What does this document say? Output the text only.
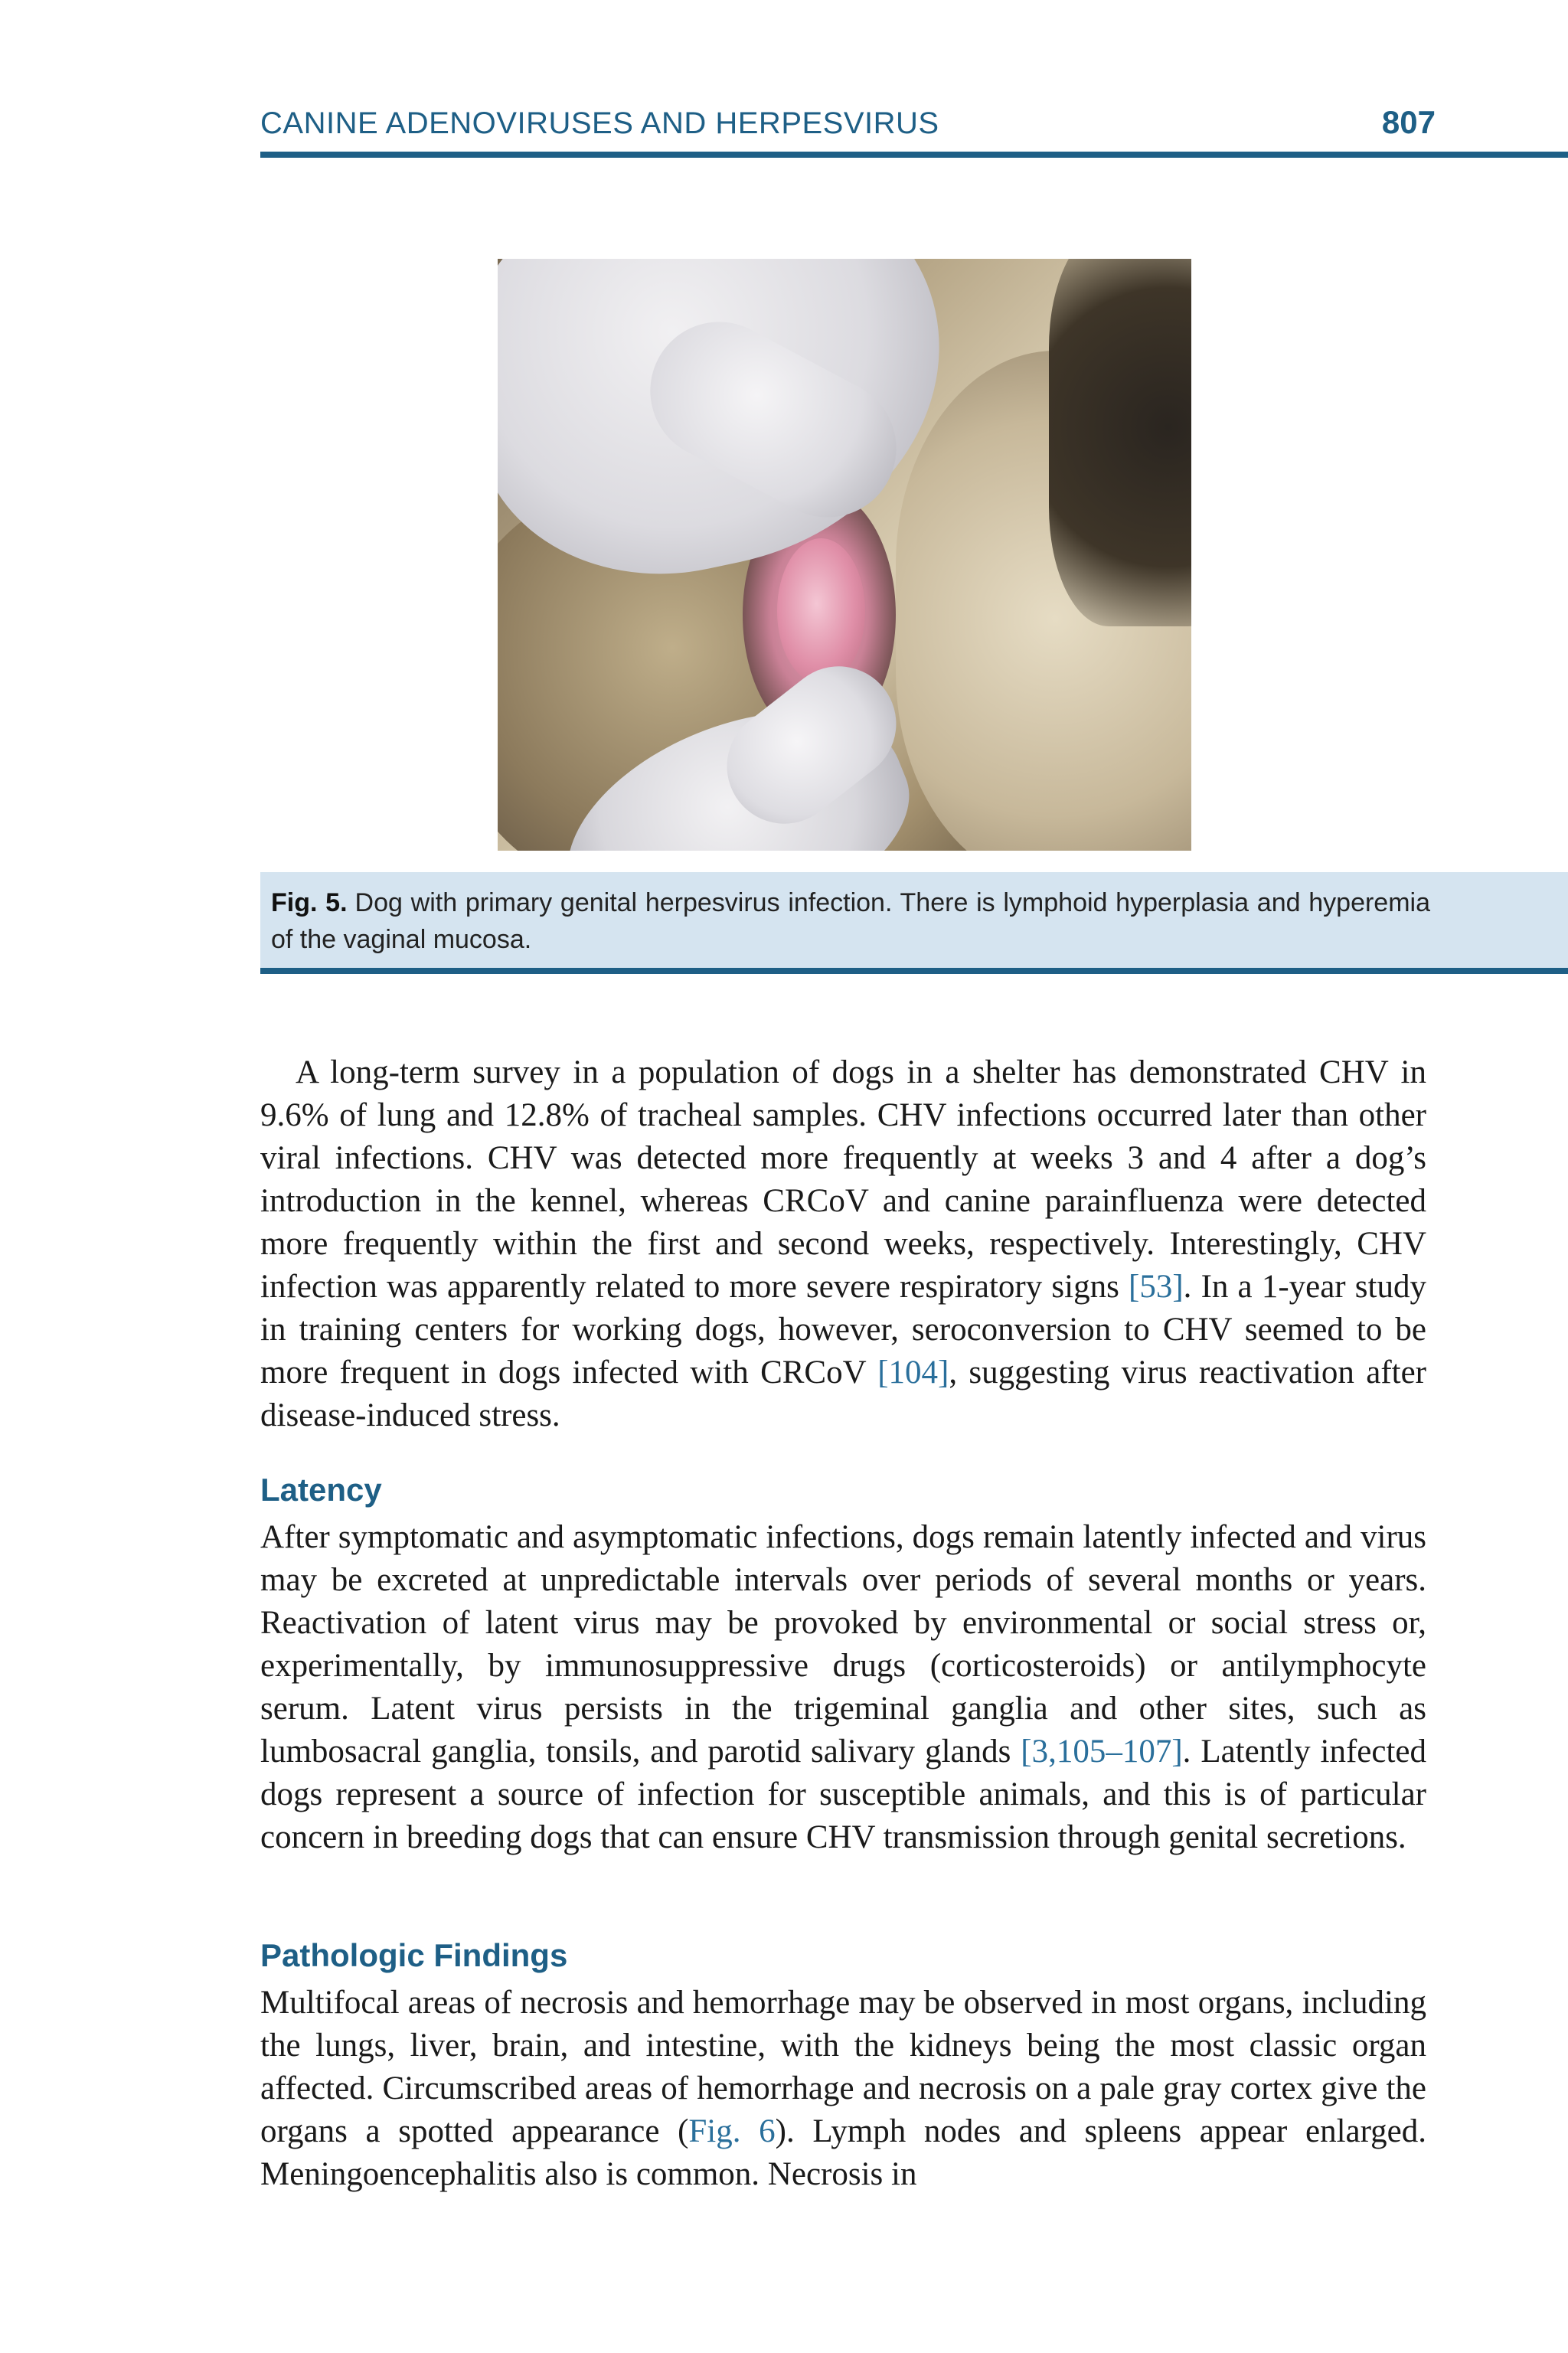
CANINE ADENOVIRUSES AND HERPESVIRUS	807
Fig. 5. Dog with primary genital herpesvirus infection. There is lymphoid hyperplasia and hyperemia of the vaginal mucosa.

A long-term survey in a population of dogs in a shelter has demonstrated CHV in 9.6% of lung and 12.8% of tracheal samples. CHV infections occurred later than other viral infections. CHV was detected more frequently at weeks 3 and 4 after a dog’s introduction in the kennel, whereas CRCoV and canine parainfluenza were detected more frequently within the first and second weeks, respectively. Interestingly, CHV infection was apparently related to more severe respiratory signs [53]. In a 1-year study in training centers for working dogs, however, seroconversion to CHV seemed to be more frequent in dogs infected with CRCoV [104], suggesting virus reactivation after disease-induced stress.

Latency

After symptomatic and asymptomatic infections, dogs remain latently infected and virus may be excreted at unpredictable intervals over periods of several months or years. Reactivation of latent virus may be provoked by environmental or social stress or, experimentally, by immunosuppressive drugs (corticosteroids) or antilymphocyte serum. Latent virus persists in the trigeminal ganglia and other sites, such as lumbosacral ganglia, tonsils, and parotid salivary glands [3,105–107]. Latently infected dogs represent a source of infection for susceptible animals, and this is of particular concern in breeding dogs that can ensure CHV transmission through genital secretions.

Pathologic Findings

Multifocal areas of necrosis and hemorrhage may be observed in most organs, including the lungs, liver, brain, and intestine, with the kidneys being the most classic organ affected. Circumscribed areas of hemorrhage and necrosis on a pale gray cortex give the organs a spotted appearance (Fig. 6). Lymph nodes and spleens appear enlarged. Meningoencephalitis also is common. Necrosis in
